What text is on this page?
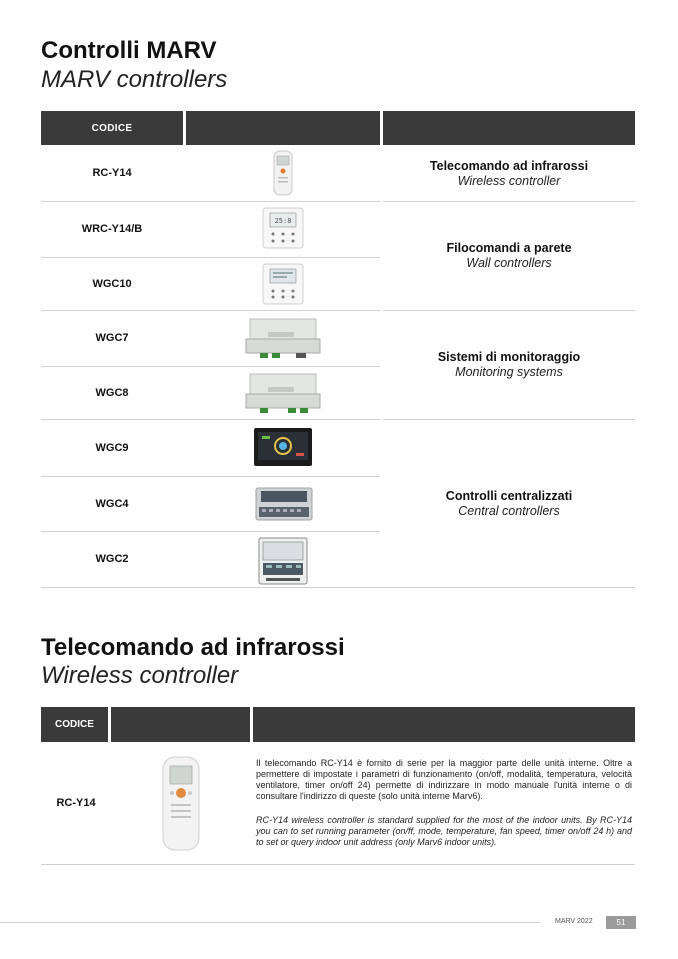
Controlli MARV
MARV controllers
CODICE
RC-Y14
WRC-Y14/B
WGC10
WGC7
WGC8
WGC9
WGC4
WGC2
Telecomando ad infrarossi
Wireless controller
Filocomandi a parete
Wall controllers
Sistemi di monitoraggio
Monitoring systems
Controlli centralizzati
Central controllers
25:8
Telecomando ad infrarossi
Wireless controller
CODICE
RC-Y14
Il telecomando RC-Y14 è fornito di serie per la maggior parte delle unità interne. Oltre a permettere di impostate i parametri di funzionamento (on/off, modalità, temperatura, velocità ventilatore, timer on/off 24) permette di indirizzare in modo manuale l'unità interne o di consultare l'indirizzo di queste (solo unità interne Marv6).
RC-Y14 wireless controller is standard supplied for the most of the indoor units. By RC-Y14 you can to set running parameter (on/ff, mode, temperature, fan speed, timer on/off 24 h) and to set or query indoor unit address (only Marv6 indoor units).
MARV 2022	51
